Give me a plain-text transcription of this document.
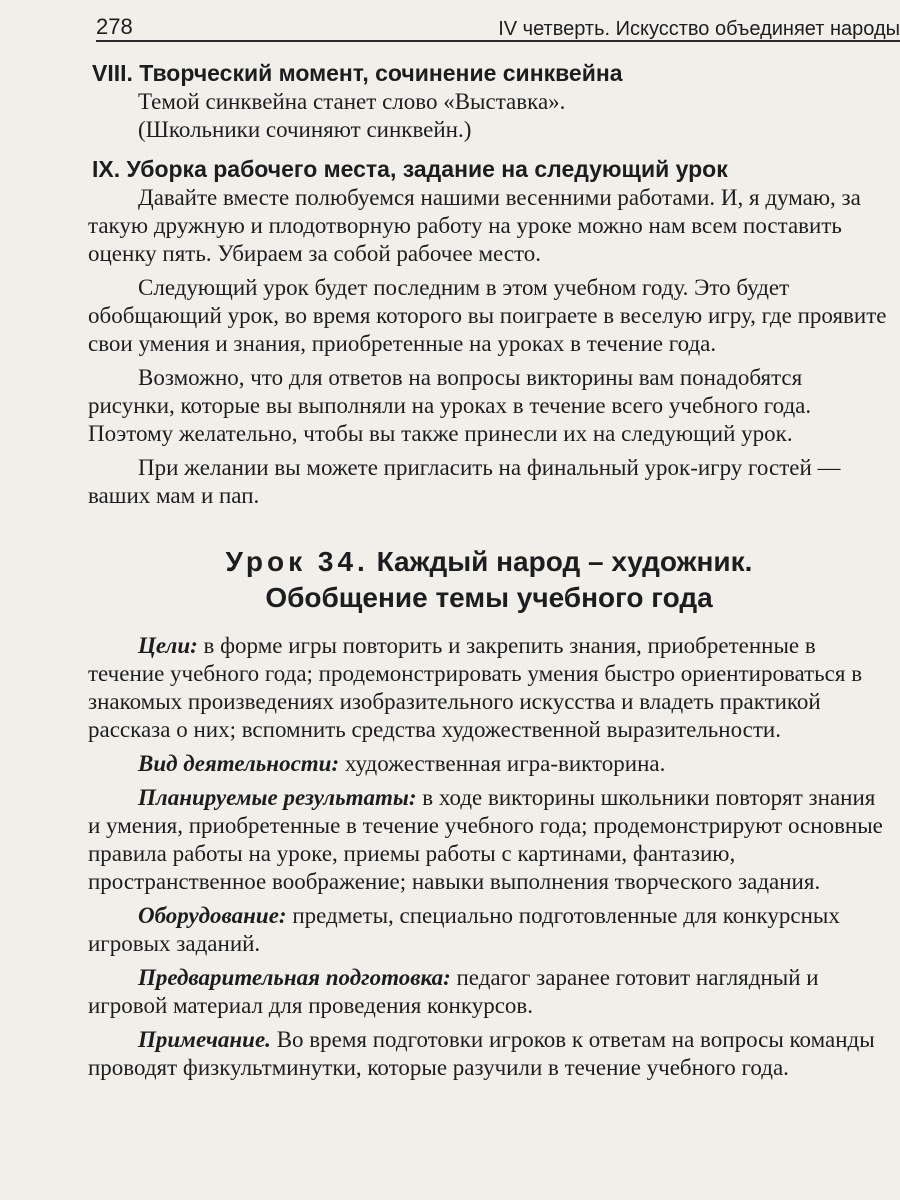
278	IV четверть. Искусство объединяет народы
VIII. Творческий момент, сочинение синквейна

Темой синквейна станет слово «Выставка».

(Школьники сочиняют синквейн.)

IX. Уборка рабочего места, задание на следующий урок

Давайте вместе полюбуемся нашими весенними работами. И, я думаю, за такую дружную и плодотворную работу на уроке можно нам всем поставить оценку пять. Убираем за собой рабочее место.

Следующий урок будет последним в этом учебном году. Это будет обобщающий урок, во время которого вы поиграете в веселую игру, где проявите свои умения и знания, приобретенные на уроках в течение года.

Возможно, что для ответов на вопросы викторины вам понадобятся рисунки, которые вы выполняли на уроках в течение всего учебного года. Поэтому желательно, чтобы вы также принесли их на следующий урок.

При желании вы можете пригласить на финальный урок-игру гостей — ваших мам и пап.

Урок 34. Каждый народ – художник.
Обобщение темы учебного года

Цели: в форме игры повторить и закрепить знания, приобретенные в течение учебного года; продемонстрировать умения быстро ориентироваться в знакомых произведениях изобразительного искусства и владеть практикой рассказа о них; вспомнить средства художественной выразительности.

Вид деятельности: художественная игра-викторина.

Планируемые результаты: в ходе викторины школьники повторят знания и умения, приобретенные в течение учебного года; продемонстрируют основные правила работы на уроке, приемы работы с картинами, фантазию, пространственное воображение; навыки выполнения творческого задания.

Оборудование: предметы, специально подготовленные для конкурсных игровых заданий.

Предварительная подготовка: педагог заранее готовит наглядный и игровой материал для проведения конкурсов.

Примечание. Во время подготовки игроков к ответам на вопросы команды проводят физкультминутки, которые разучили в течение учебного года.
